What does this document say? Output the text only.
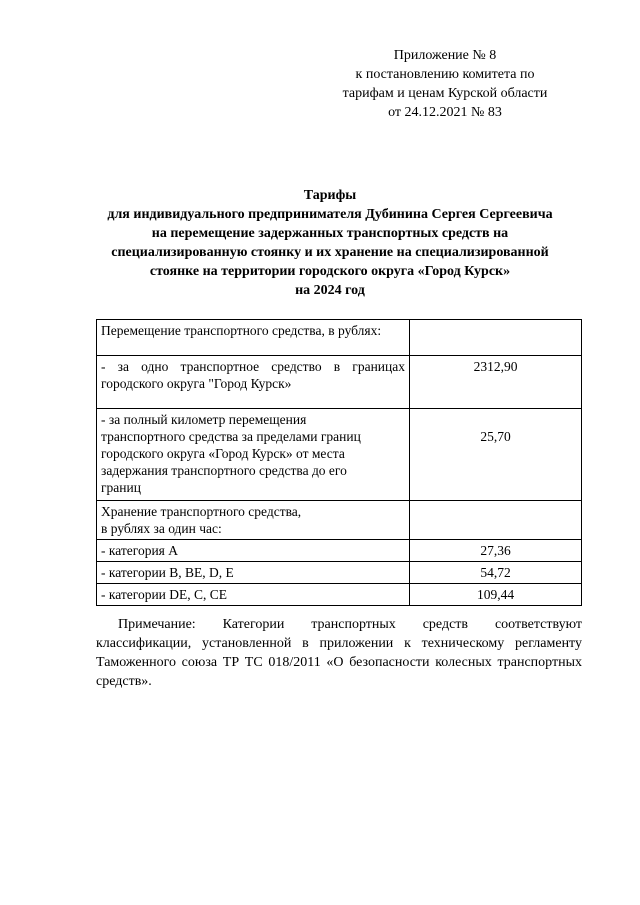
Приложение № 8
к постановлению комитета по
тарифам и ценам Курской области
от 24.12.2021 № 83
Тарифы
для индивидуального предпринимателя Дубинина Сергея Сергеевича
на перемещение задержанных транспортных средств на
специализированную стоянку и их хранение на специализированной
стоянке на территории городского округа «Город Курск»
на 2024 год
Перемещение транспортного средства, в рублях:	

- за одно транспортное средство в границах
городского округа "Город Курск»	2312,90

- за полный километр перемещения
транспортного средства за пределами границ
городского округа «Город Курск» от места
задержания транспортного средства до его
границ	25,70

Хранение транспортного средства,
в рублях за один час:	

- категория А	27,36
- категории B, BE, D, E	54,72
- категории DE, C, CE	109,44
Примечание: Категории транспортных средств соответствуют
классификации, установленной в приложении к техническому регламенту
Таможенного союза ТР ТС 018/2011 «О безопасности колесных транспортных
средств».
